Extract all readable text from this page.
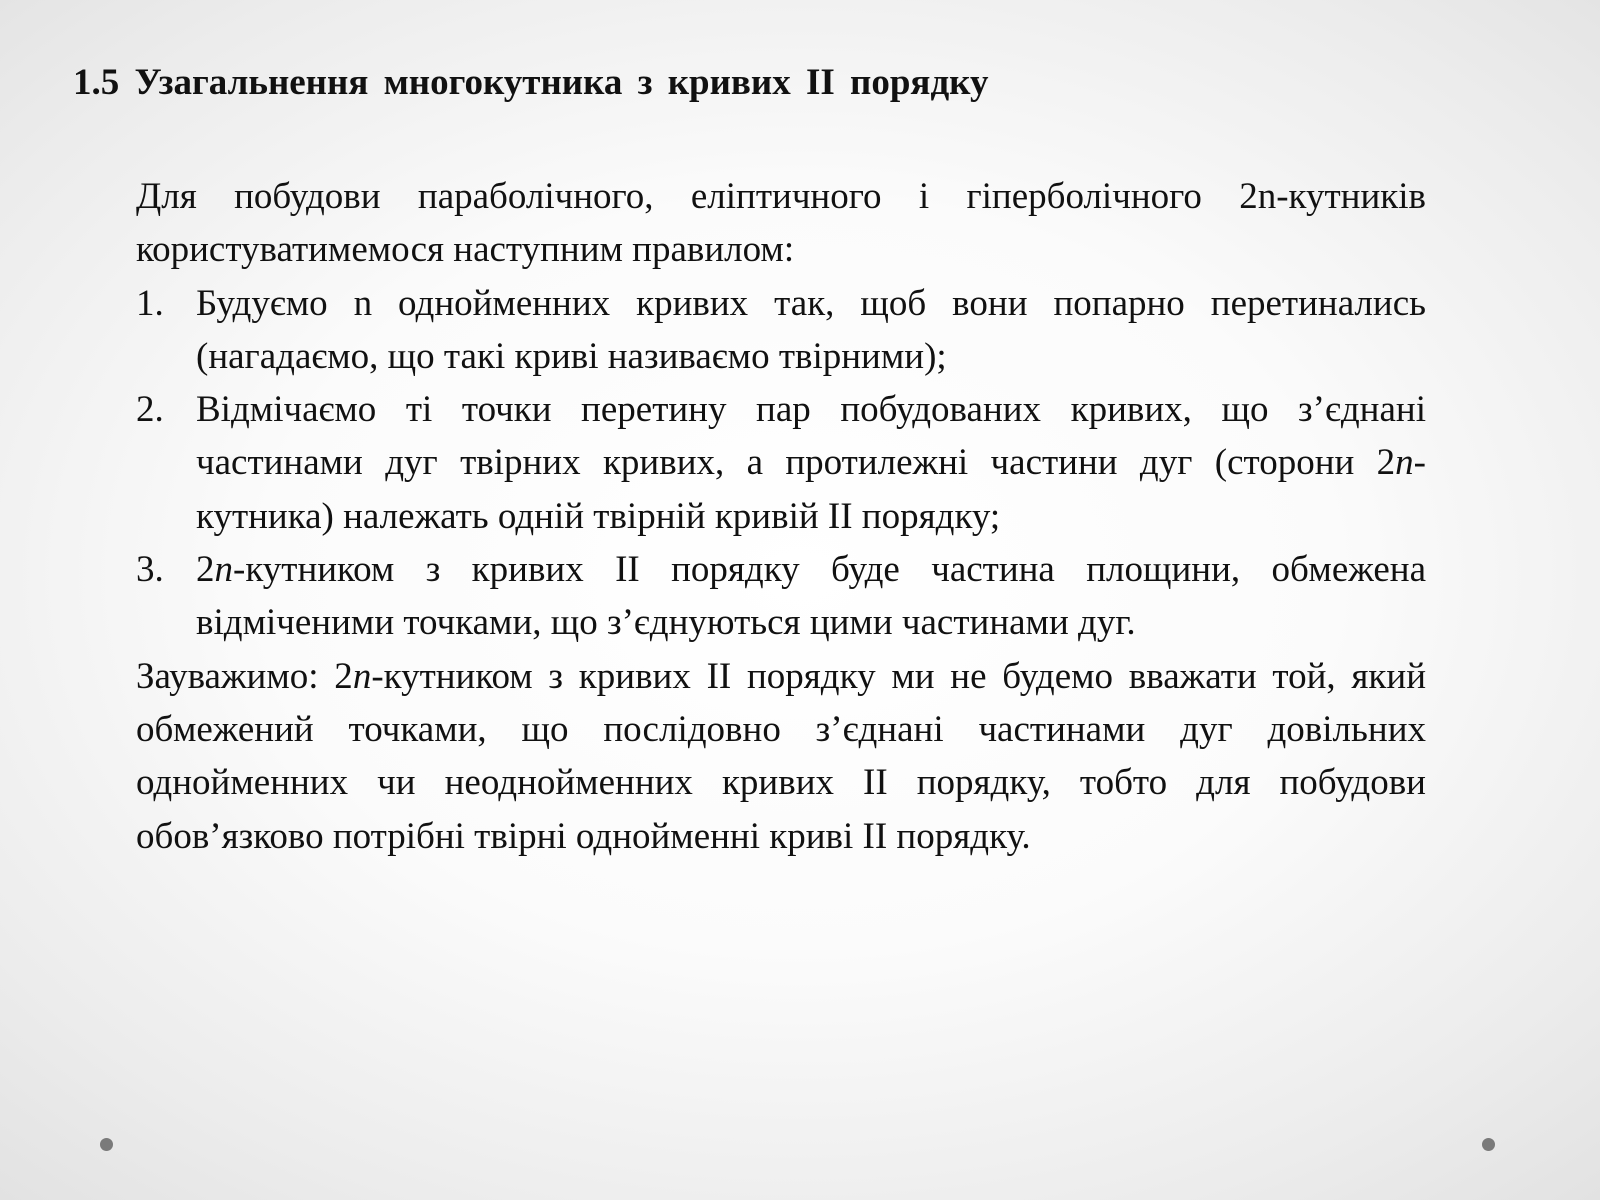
1.5 Узагальнення многокутника з кривих II порядку

Для побудови параболічного, еліптичного і гіперболічного 2n-кутників користуватимемося наступним правилом:

1. Будуємо n однойменних кривих так, щоб вони попарно перетинались (нагадаємо, що такі криві називаємо твірними);
2. Відмічаємо ті точки перетину пар побудованих кривих, що з’єднані частинами дуг твірних кривих, а протилежні частини дуг (сторони 2n-кутника) належать одній твірній кривій II порядку;
3. 2n-кутником з кривих II порядку буде частина площини, обмежена відміченими точками, що з’єднуються цими частинами дуг.

Зауважимо: 2n-кутником з кривих II порядку ми не будемо вважати той, який обмежений точками, що послідовно з’єднані частинами дуг довільних однойменних чи неоднойменних кривих II порядку, тобто для побудови обов’язково потрібні твірні однойменні криві II порядку.
